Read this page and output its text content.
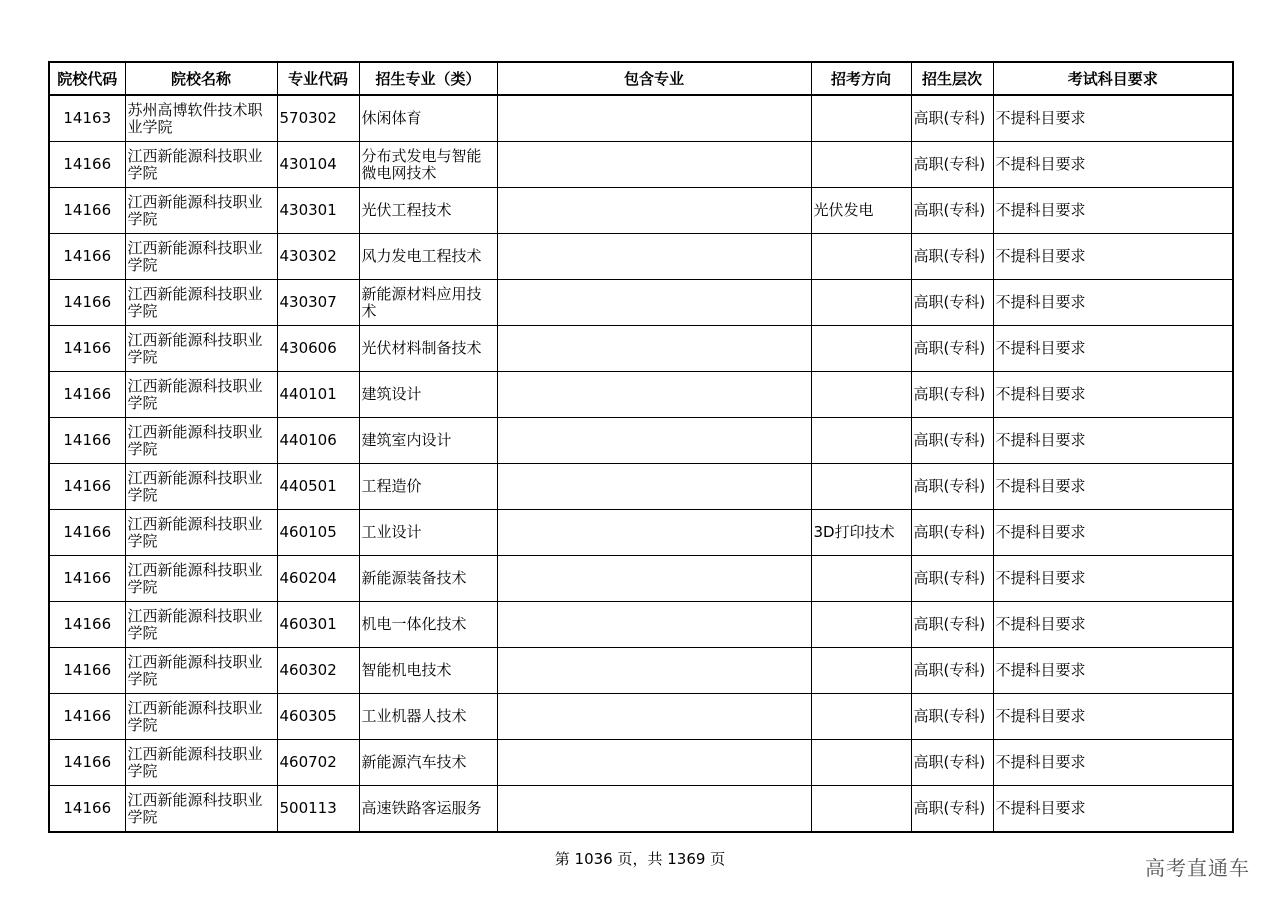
院校代码	院校名称	专业代码	招生专业（类）	包含专业	招考方向	招生层次	考试科目要求
14163	苏州高博软件技术职业学院	570302	休闲体育			高职(专科)	不提科目要求
14166	江西新能源科技职业学院	430104	分布式发电与智能微电网技术			高职(专科)	不提科目要求
14166	江西新能源科技职业学院	430301	光伏工程技术		光伏发电	高职(专科)	不提科目要求
14166	江西新能源科技职业学院	430302	风力发电工程技术			高职(专科)	不提科目要求
14166	江西新能源科技职业学院	430307	新能源材料应用技术			高职(专科)	不提科目要求
14166	江西新能源科技职业学院	430606	光伏材料制备技术			高职(专科)	不提科目要求
14166	江西新能源科技职业学院	440101	建筑设计			高职(专科)	不提科目要求
14166	江西新能源科技职业学院	440106	建筑室内设计			高职(专科)	不提科目要求
14166	江西新能源科技职业学院	440501	工程造价			高职(专科)	不提科目要求
14166	江西新能源科技职业学院	460105	工业设计		3D打印技术	高职(专科)	不提科目要求
14166	江西新能源科技职业学院	460204	新能源装备技术			高职(专科)	不提科目要求
14166	江西新能源科技职业学院	460301	机电一体化技术			高职(专科)	不提科目要求
14166	江西新能源科技职业学院	460302	智能机电技术			高职(专科)	不提科目要求
14166	江西新能源科技职业学院	460305	工业机器人技术			高职(专科)	不提科目要求
14166	江西新能源科技职业学院	460702	新能源汽车技术			高职(专科)	不提科目要求
14166	江西新能源科技职业学院	500113	高速铁路客运服务			高职(专科)	不提科目要求
第 1036 页，共 1369 页	高考直通车
